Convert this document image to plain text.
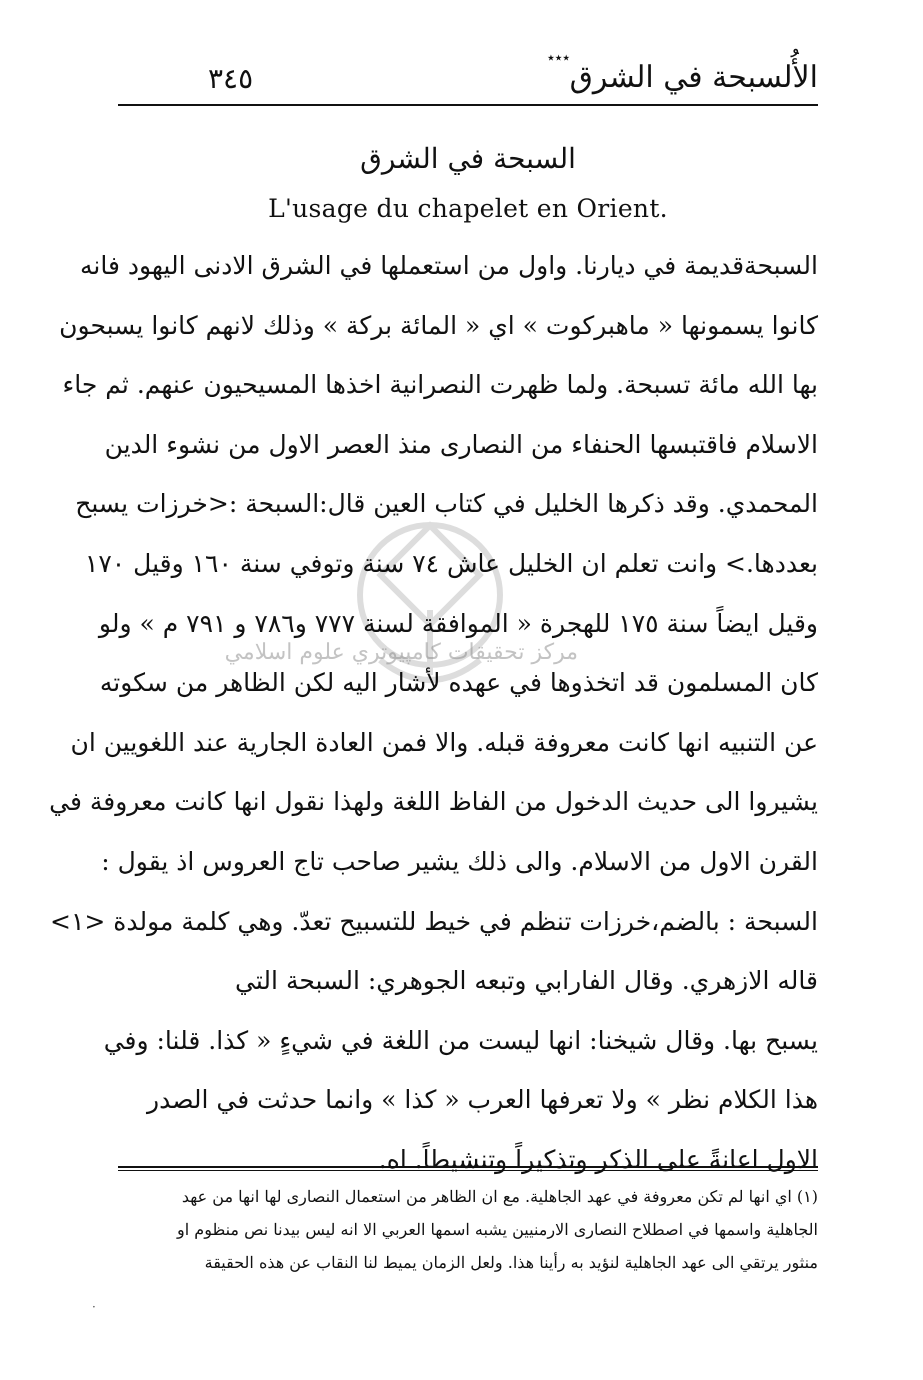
٭٭٭
الأُلسبحة في الشرق
٣٤٥
السبحة في الشرق
L'usage du chapelet en Orient.
السبحةقديمة في ديارنا. واول من استعملها في الشرق الادنى اليهود فانه
كانوا يسمونها « ماهبركوت » اي « المائة بركة » وذلك لانهم كانوا يسبحون
بها الله مائة تسبحة. ولما ظهرت النصرانية اخذها المسيحيون عنهم. ثم جاء
الاسلام فاقتبسها الحنفاء من النصارى منذ العصر الاول من نشوء الدين
المحمدي. وقد ذكرها الخليل في كتاب العين قال:السبحة :<خرزات يسبح
بعددها.> وانت تعلم ان الخليل عاش ٧٤ سنة وتوفي سنة ١٦٠ وقيل ١٧٠
وقيل ايضاً سنة ١٧٥ للهجرة « الموافقة لسنة ٧٧٧ و٧٨٦ و ٧٩١ م » ولو
كان المسلمون قد اتخذوها في عهده لأشار اليه لكن الظاهر من سكوته
عن التنبيه انها كانت معروفة قبله. والا فمن العادة الجارية عند اللغويين ان
يشيروا الى حديث الدخول من الفاظ اللغة ولهذا نقول انها كانت معروفة في
القرن الاول من الاسلام. والى ذلك يشير صاحب تاج العروس اذ يقول :
السبحة : بالضم،خرزات تنظم في خيط للتسبيح تعدّ. وهي كلمة مولدة <١>
قاله الازهري. وقال الفارابي وتبعه الجوهري: السبحة التي
يسبح بها. وقال شيخنا: انها ليست من اللغة في شيءٍ « كذا. قلنا: وفي
هذا الكلام نظر » ولا تعرفها العرب « كذا » وانما حدثت في الصدر
الاول اعانةً على الذكر وتذكيراً وتنشيطاً. اه.
(١) اي انها لم تكن معروفة في عهد الجاهلية. مع ان الظاهر من استعمال النصارى لها انها من عهد
الجاهلية واسمها في اصطلاح النصارى الارمنيين يشبه اسمها العربي الا انه ليس بيدنا نص منظوم او
منثور يرتقي الى عهد الجاهلية لنؤيد به رأينا هذا. ولعل الزمان يميط لنا النقاب عن هذه الحقيقة
مركز تحقيقات كامپيوتري علوم اسلامي
·
